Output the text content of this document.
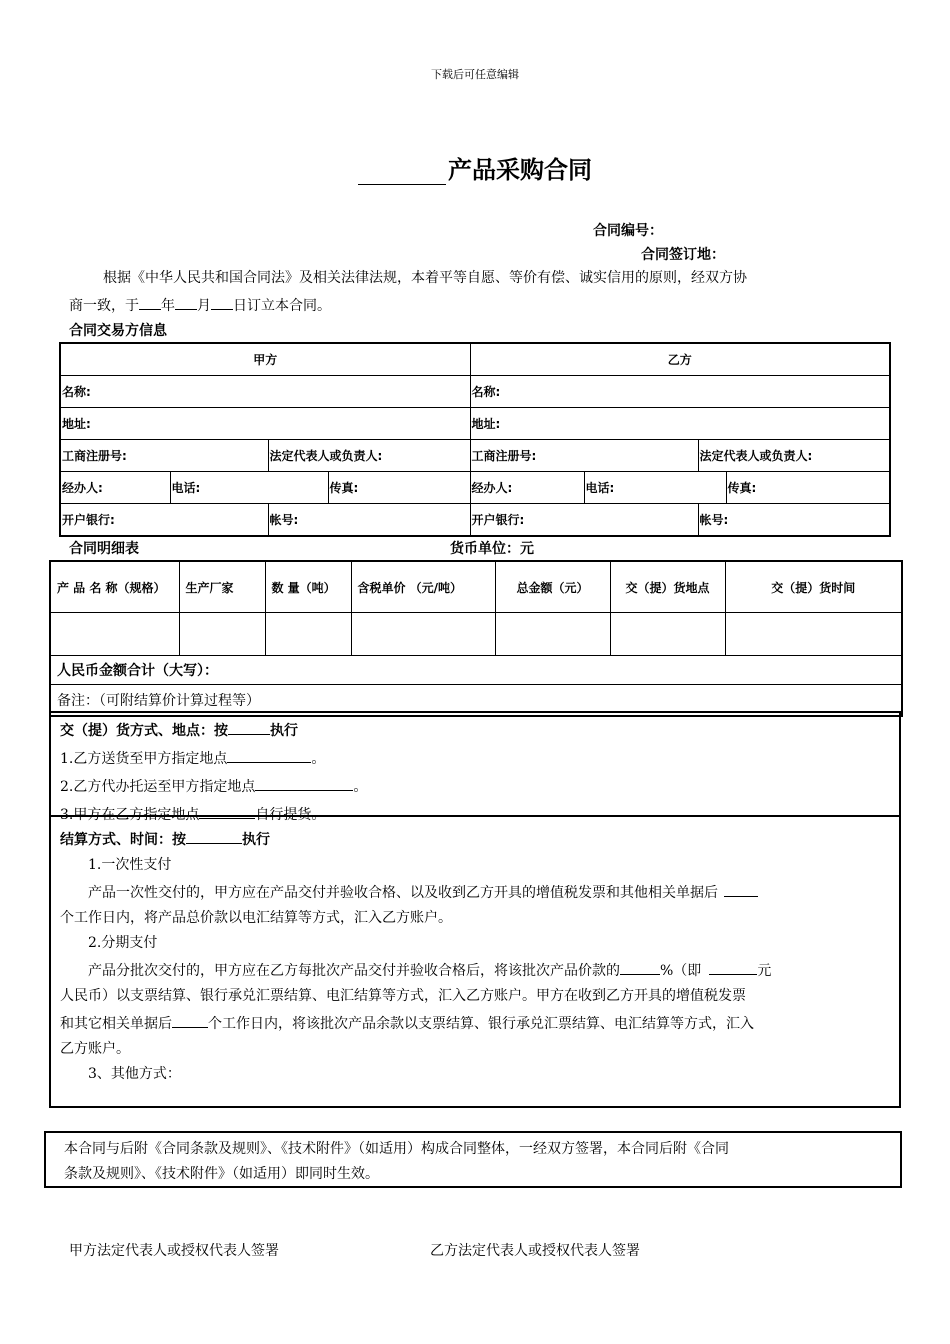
下载后可任意编辑
产品采购合同
合同编号：
合同签订地：
根据《中华人民共和国合同法》及相关法律法规，本着平等自愿、等价有偿、诚实信用的原则，经双方协
商一致，于 年 月 日订立本合同。
合同交易方信息
甲方				乙方			
名称:				名称:			
地址:				地址:			
工商注册号:		法定代表人或负责人:		工商注册号:		法定代表人或负责人:	
经办人:	电话:		传真:	经办人:	电话:		传真:
开户银行:		帐号:		开户银行:		帐号:	
合同明细表	货币单位：元
产 品 名 称（规格）	生产厂家	数 量（吨）	含税单价 （元/吨）	总金额（元）	交（提）货地点	交（提）货时间

人民币金额合计（大写）：						
备注：（可附结算价计算过程等）						
交（提）货方式、地点：按	执行
1.乙方送货至甲方指定地点	。
2.乙方代办托运至甲方指定地点	。
3.甲方在乙方指定地点	自行提货。
结算方式、时间：按	执行
1.一次性支付
产品一次性交付的，甲方应在产品交付并验收合格、以及收到乙方开具的增值税发票和其他相关单据后
个工作日内，将产品总价款以电汇结算等方式，汇入乙方账户。
2.分期支付
产品分批次交付的，甲方应在乙方每批次产品交付并验收合格后，将该批次产品价款的	%（即	元
人民币）以支票结算、银行承兑汇票结算、电汇结算等方式，汇入乙方账户。甲方在收到乙方开具的增值税发票
和其它相关单据后	个工作日内，将该批次产品余款以支票结算、银行承兑汇票结算、电汇结算等方式，汇入
乙方账户。
3、其他方式：
本合同与后附《合同条款及规则》、《技术附件》（如适用）构成合同整体，一经双方签署，本合同后附《合同
条款及规则》、《技术附件》（如适用）即同时生效。
甲方法定代表人或授权代表人签署	乙方法定代表人或授权代表人签署
